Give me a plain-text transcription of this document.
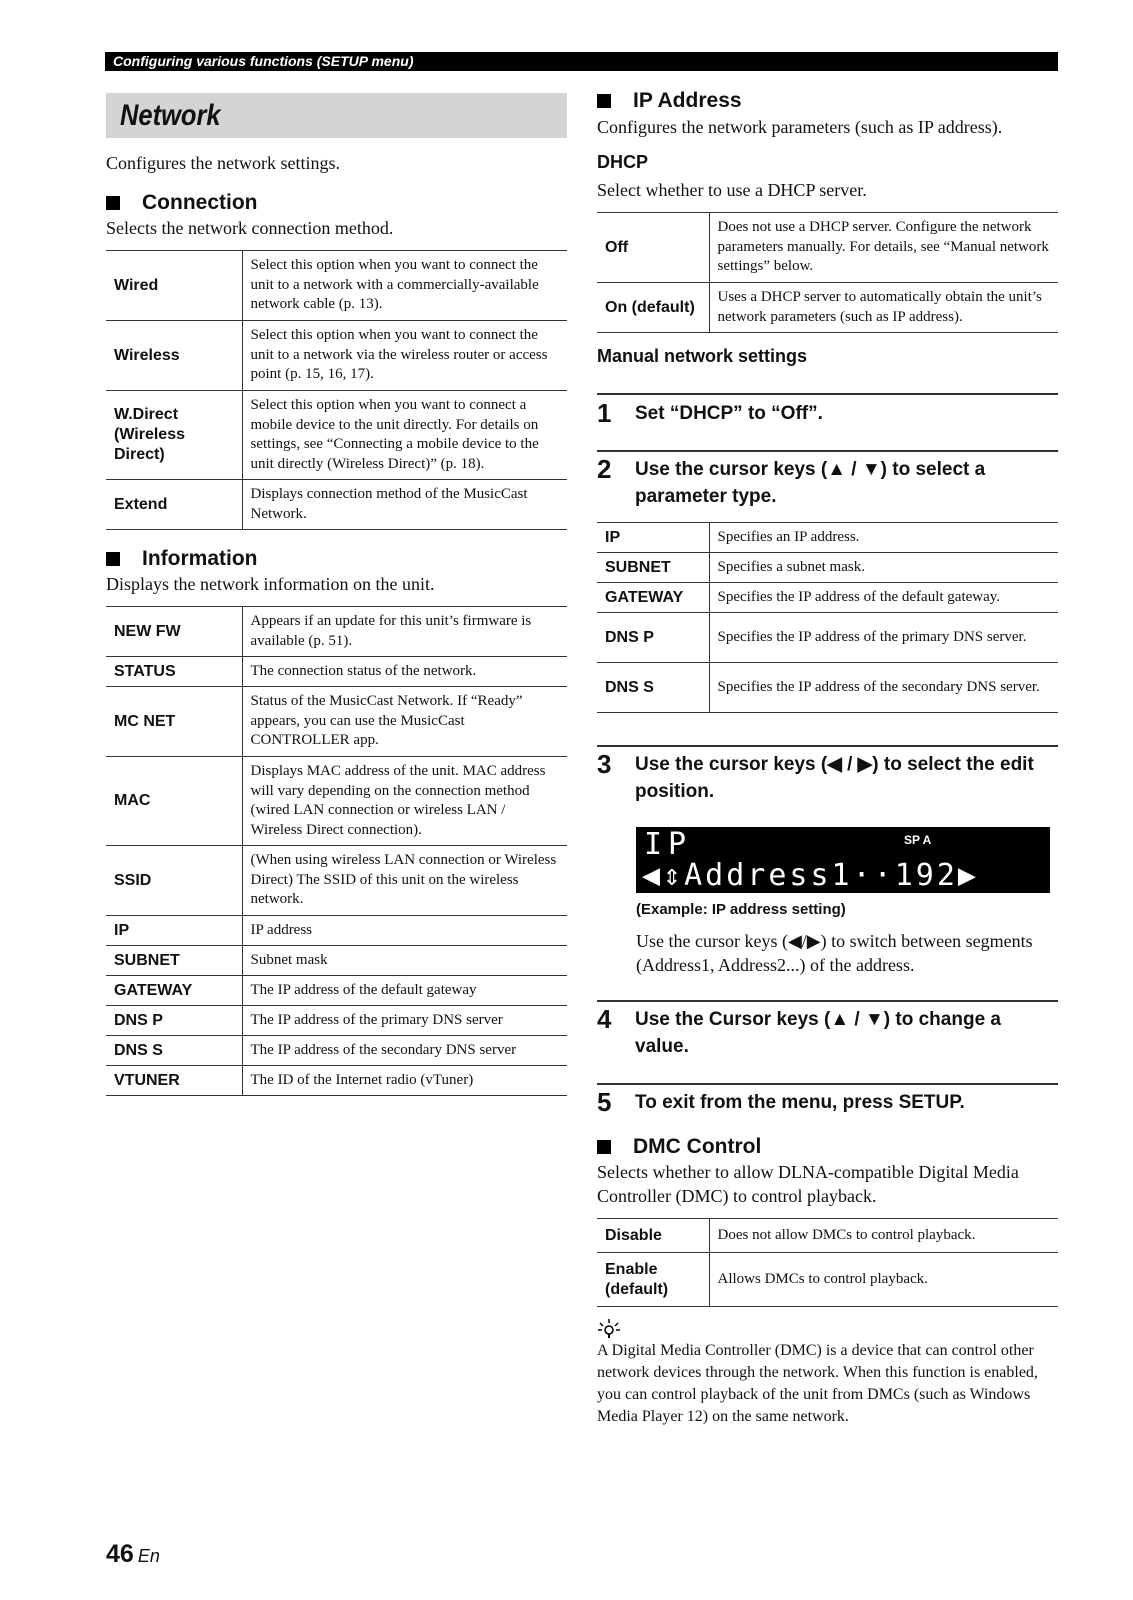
Configuring various functions (SETUP menu)
Network
Configures the network settings.
Connection
Selects the network connection method.
Wired	Select this option when you want to connect the unit to a network with a commercially-available network cable (p. 13).
Wireless	Select this option when you want to connect the unit to a network via the wireless router or access point (p. 15, 16, 17).
W.Direct (Wireless Direct)	Select this option when you want to connect a mobile device to the unit directly. For details on settings, see “Connecting a mobile device to the unit directly (Wireless Direct)” (p. 18).
Extend	Displays connection method of the MusicCast Network.
Information
Displays the network information on the unit.
NEW FW	Appears if an update for this unit’s firmware is available (p. 51).
STATUS	The connection status of the network.
MC NET	Status of the MusicCast Network. If “Ready” appears, you can use the MusicCast CONTROLLER app.
MAC	Displays MAC address of the unit. MAC address will vary depending on the connection method (wired LAN connection or wireless LAN / Wireless Direct connection).
SSID	(When using wireless LAN connection or Wireless Direct) The SSID of this unit on the wireless network.
IP	IP address
SUBNET	Subnet mask
GATEWAY	The IP address of the default gateway
DNS P	The IP address of the primary DNS server
DNS S	The IP address of the secondary DNS server
VTUNER	The ID of the Internet radio (vTuner)
IP Address
Configures the network parameters (such as IP address).
DHCP
Select whether to use a DHCP server.
Off	Does not use a DHCP server. Configure the network parameters manually. For details, see “Manual network settings” below.
On (default)	Uses a DHCP server to automatically obtain the unit’s network parameters (such as IP address).
Manual network settings
1	Set “DHCP” to “Off”.
2	Use the cursor keys (▲ / ▼) to select a parameter type.
IP	Specifies an IP address.
SUBNET	Specifies a subnet mask.
GATEWAY	Specifies the IP address of the default gateway.
DNS P	Specifies the IP address of the primary DNS server.
DNS S	Specifies the IP address of the secondary DNS server.
3	Use the cursor keys (◀ / ▶) to select the edit position.
IP	SP A
◀⇕Address1··192▶
(Example: IP address setting)
Use the cursor keys (◀/▶) to switch between segments (Address1, Address2...) of the address.
4	Use the Cursor keys (▲ / ▼) to change a value.
5	To exit from the menu, press SETUP.
DMC Control
Selects whether to allow DLNA-compatible Digital Media Controller (DMC) to control playback.
Disable	Does not allow DMCs to control playback.
Enable (default)	Allows DMCs to control playback.
A Digital Media Controller (DMC) is a device that can control other network devices through the network. When this function is enabled, you can control playback of the unit from DMCs (such as Windows Media Player 12) on the same network.
46 En
